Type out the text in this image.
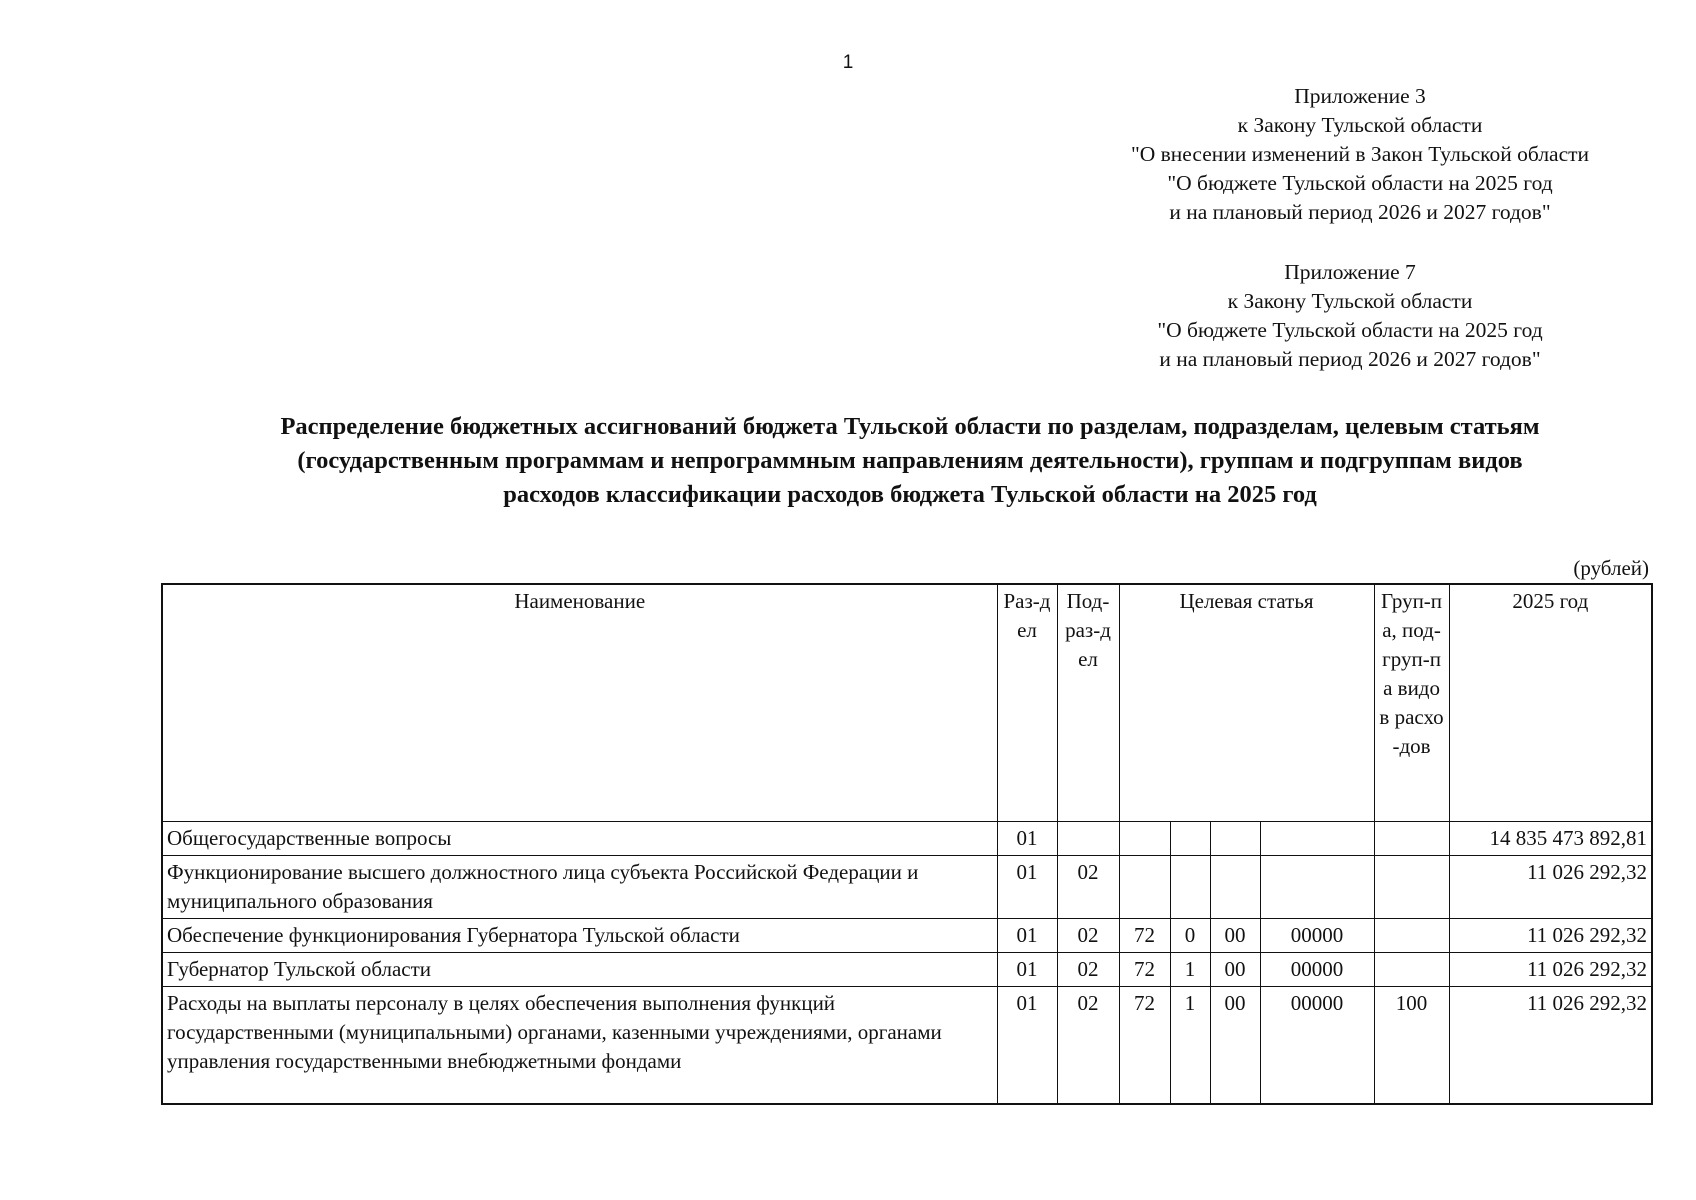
1
Приложение 3
к Закону Тульской области
"О внесении изменений в Закон Тульской области
"О бюджете Тульской области на 2025 год
и на плановый период 2026 и 2027 годов"
Приложение 7
к Закону Тульской области
"О бюджете Тульской области на 2025 год
и на плановый период 2026 и 2027 годов"
Распределение бюджетных ассигнований бюджета Тульской области по разделам, подразделам, целевым статьям
(государственным программам и непрограммным направлениям деятельности), группам и подгруппам видов
расходов классификации расходов бюджета Тульской области на 2025 год
(рублей)
Наименование	Раз-дел	Под-раз-дел	Целевая статья				Груп-па, под-груп-па видов расхо-дов	2025 год
Общегосударственные вопросы	01							14 835 473 892,81
Функционирование высшего должностного лица субъекта Российской Федерации и муниципального образования	01	02						11 026 292,32
Обеспечение функционирования Губернатора Тульской области	01	02	72	0	00	00000		11 026 292,32
Губернатор Тульской области	01	02	72	1	00	00000		11 026 292,32
Расходы на выплаты персоналу в целях обеспечения выполнения функций государственными (муниципальными) органами, казенными учреждениями, органами управления государственными внебюджетными фондами	01	02	72	1	00	00000	100	11 026 292,32
